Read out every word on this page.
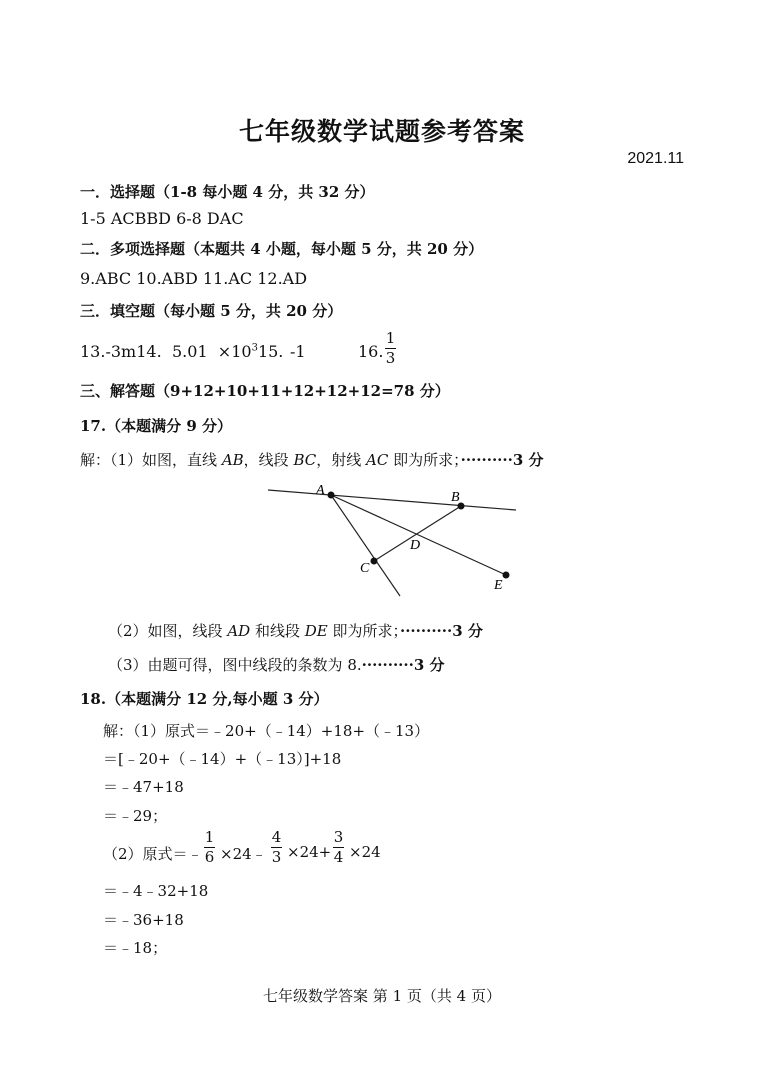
七年级数学试题参考答案
2021.11
一．选择题（1-8 每小题 4 分，共 32 分）
1-5 ACBBD 6-8 DAC
二．多项选择题（本题共 4 小题，每小题 5 分，共 20 分）
9.ABC 10.ABD 11.AC 12.AD
三．填空题（每小题 5 分，共 20 分）
13.-3m14. $5.01 \times 10^315$. -1	16.
1
3
三、解答题（9+12+10+11+12+12+12=78 分）
17.（本题满分 9 分）
解：（1）如图，直线 AB，线段 BC，射线 AC 即为所求；··········3 分
A	B
C
D
E
（2）如图，线段 AD 和线段 DE 即为所求；··········3 分
（3）由题可得，图中线段的条数为 8.··········3 分
18.（本题满分 12 分,每小题 3 分）
解：（1）原式＝﹣20+（﹣14）+18+（﹣13）
＝[﹣20+（﹣14）+（﹣13）]+18
＝﹣47+18
＝﹣29；
（2）原式＝﹣
1
6 ×24﹣
4
3 ×24+
3
4 ×24
＝﹣4﹣32+18
＝﹣36+18
＝﹣18；
七年级数学答案 第 1 页（共 4 页）
